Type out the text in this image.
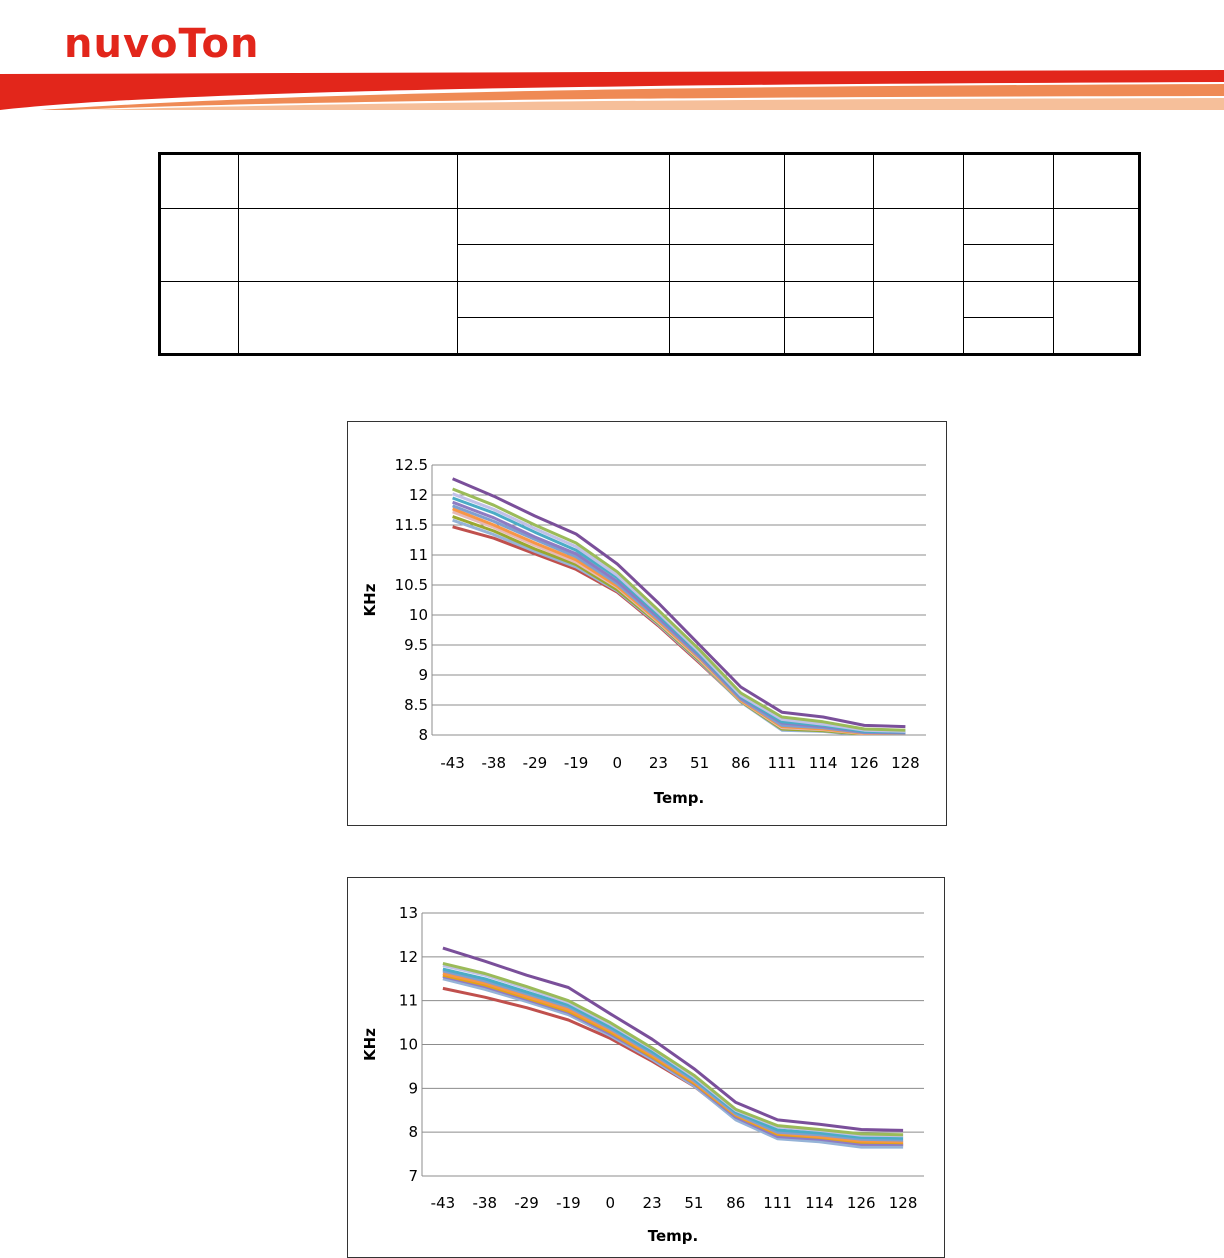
nuvoTon

8
8.5
9
9.5
10
10.5
11
11.5
12
12.5
-43 -38 -29 -19 0 23 51 86 111 114 126 128
Temp.
KHz
7
8
9
10
11
12
13
-43 -38 -29 -19 0 23 51 86 111 114 126 128
Temp.
KHz
